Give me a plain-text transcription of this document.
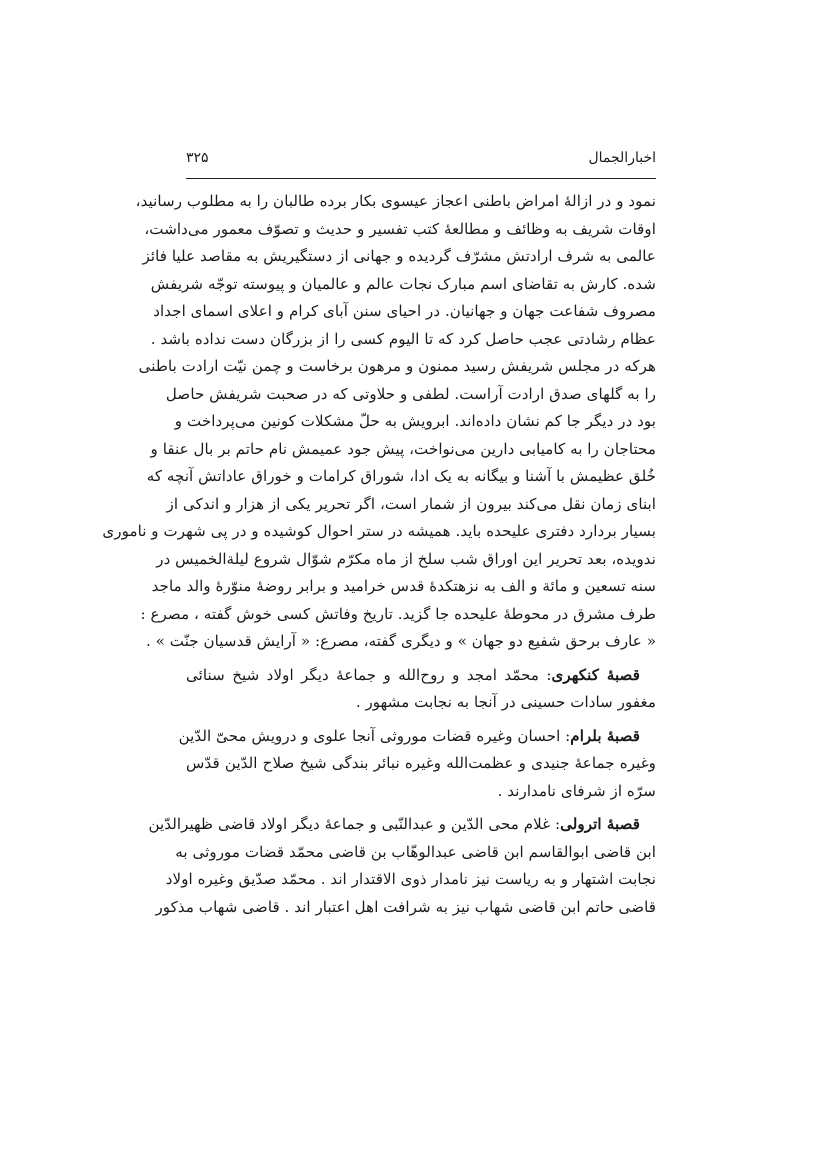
اخبارالجمال
۳۲۵
نمود و در ازالهٔ امراض باطنی اعجاز عیسوی بکار برده طالبان را به مطلوب رسانید،
اوقات شریف به وظائف و مطالعهٔ کتب تفسیر و حدیث و تصوّف معمور می‌داشت،
عالمی به شرف ارادتش مشرّف گردیده و جهانی از دستگیریش به مقاصد علیا فائز
شده. کارش به تقاضای اسم مبارک نجات عالم و عالمیان و پیوسته توجّه شریفش
مصروف شفاعت جهان و جهانیان. در احیای سنن آبای کرام و اعلای اسمای اجداد
عظام رشادتی عجب حاصل کرد که تا الیوم کسی را از بزرگان دست نداده باشد .
هرکه در مجلس شریفش رسید ممنون و مرهون برخاست و چمن نیّت ارادت باطنی
را به گلهای صدق ارادت آراست. لطفی و حلاوتی که در صحبت شریفش حاصل
بود در دیگر جا کم نشان داده‌اند. ابرویش به حلّ مشکلات کونین می‌پرداخت و
محتاجان را به کامیابی دارین می‌نواخت، پیش جود عمیمش نام حاتم بر بال عنقا و
خُلق عظیمش با آشنا و بیگانه به یک ادا، شوراق کرامات و خوراق عاداتش آنچه که
ابنای زمان نقل می‌کند بیرون از شمار است، اگر تحریر یکی از هزار و اندکی از
بسیار بردارد دفتری علیحده باید. همیشه در ستر احوال کوشیده و در پی شهرت و ناموری
ندویده، بعد تحریر این اوراق شب سلخ از ماه مکرّم شوّال شروع لیلة‌الخمیس در
سنه تسعین و مائة و الف به نزهتکدهٔ قدس خرامید و برابر روضهٔ منوّرهٔ والد ماجد
طرف مشرق در محوطهٔ علیحده جا گزید. تاریخ وفاتش کسی خوش گفته ، مصرع :
« عارف برحق شفیع دو جهان » و دیگری گفته، مصرع: « آرایش قدسیان جنّت » .
قصبهٔ کنکهری: محمّد امجد و روح‌الله و جماعهٔ دیگر اولاد شیخ سنائی
مغفور سادات حسینی در آنجا به نجابت مشهور .
قصبهٔ بلرام: احسان وغیره قضات موروثی آنجا علوی و درویش محیّ الدّین
وغیره جماعهٔ جنیدی و عظمت‌الله وغیره نبائر بندگی شیخ صلاح الدّین قدّس
سرّه از شرفای نامدارند .
قصبهٔ اترولی: غلام محی الدّین و عبدالنّبی و جماعهٔ دیگر اولاد قاضی ظهیرالدّین
ابن قاضی ابوالقاسم ابن قاضی عبدالوهّاب بن قاضی محمّد قضات موروثی به
نجابت اشتهار و به ریاست نیز نامدار ذوی الاقتدار اند . محمّد صدّیق وغیره اولاد
قاضی حاتم ابن قاضی شهاب نیز به شرافت اهل اعتبار اند . قاضی شهاب مذکور
